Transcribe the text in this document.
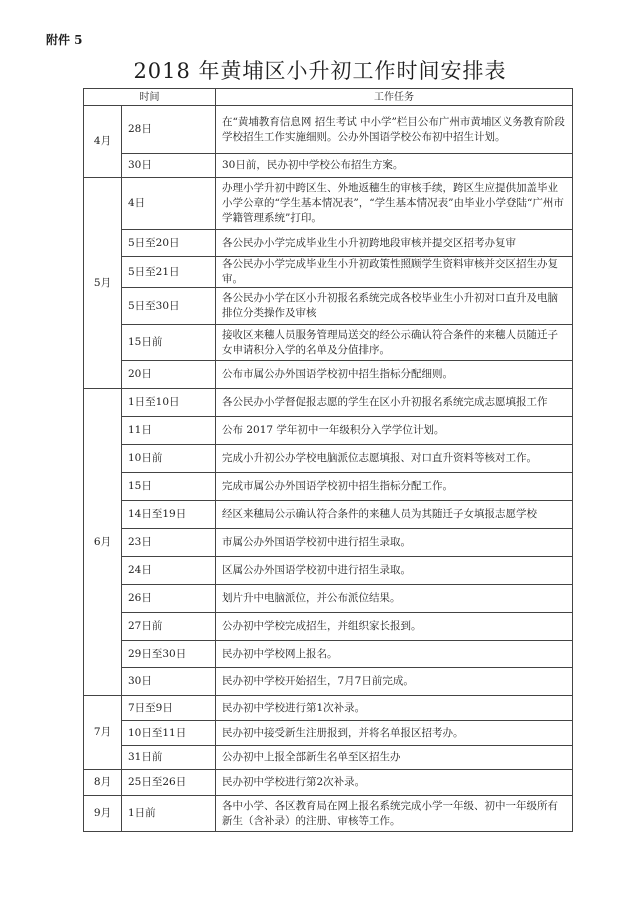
附件 5
2018 年黄埔区小升初工作时间安排表
时间		工作任务
4月	28日	在“黄埔教育信息网 招生考试 中小学”栏目公布广州市黄埔区义务教育阶段学校招生工作实施细则。公办外国语学校公布初中招生计划。
	30日	30日前，民办初中学校公布招生方案。
5月	4日	办理小学升初中跨区生、外地返穗生的审核手续，跨区生应提供加盖毕业小学公章的“学生基本情况表”，“学生基本情况表”由毕业小学登陆“广州市学籍管理系统”打印。
	5日至20日	各公民办小学完成毕业生小升初跨地段审核并提交区招考办复审
	5日至21日	各公民办小学完成毕业生小升初政策性照顾学生资料审核并交区招生办复审。
	5日至30日	各公民办小学在区小升初报名系统完成各校毕业生小升初对口直升及电脑排位分类操作及审核
	15日前	接收区来穗人员服务管理局送交的经公示确认符合条件的来穗人员随迁子女申请积分入学的名单及分值排序。
	20日	公布市属公办外国语学校初中招生指标分配细则。
6月	1日至10日	各公民办小学督促报志愿的学生在区小升初报名系统完成志愿填报工作
	11日	公布 2017 学年初中一年级积分入学学位计划。
	10日前	完成小升初公办学校电脑派位志愿填报、对口直升资料等核对工作。
	15日	完成市属公办外国语学校初中招生指标分配工作。
	14日至19日	经区来穗局公示确认符合条件的来穗人员为其随迁子女填报志愿学校
	23日	市属公办外国语学校初中进行招生录取。
	24日	区属公办外国语学校初中进行招生录取。
	26日	划片升中电脑派位，并公布派位结果。
	27日前	公办初中学校完成招生，并组织家长报到。
	29日至30日	民办初中学校网上报名。
	30日	民办初中学校开始招生，7月7日前完成。
7月	7日至9日	民办初中学校进行第1次补录。
	10日至11日	民办初中接受新生注册报到，并将名单报区招考办。
	31日前	公办初中上报全部新生名单至区招生办
8月	25日至26日	民办初中学校进行第2次补录。
9月	1日前	各中小学、各区教育局在网上报名系统完成小学一年级、初中一年级所有新生（含补录）的注册、审核等工作。
